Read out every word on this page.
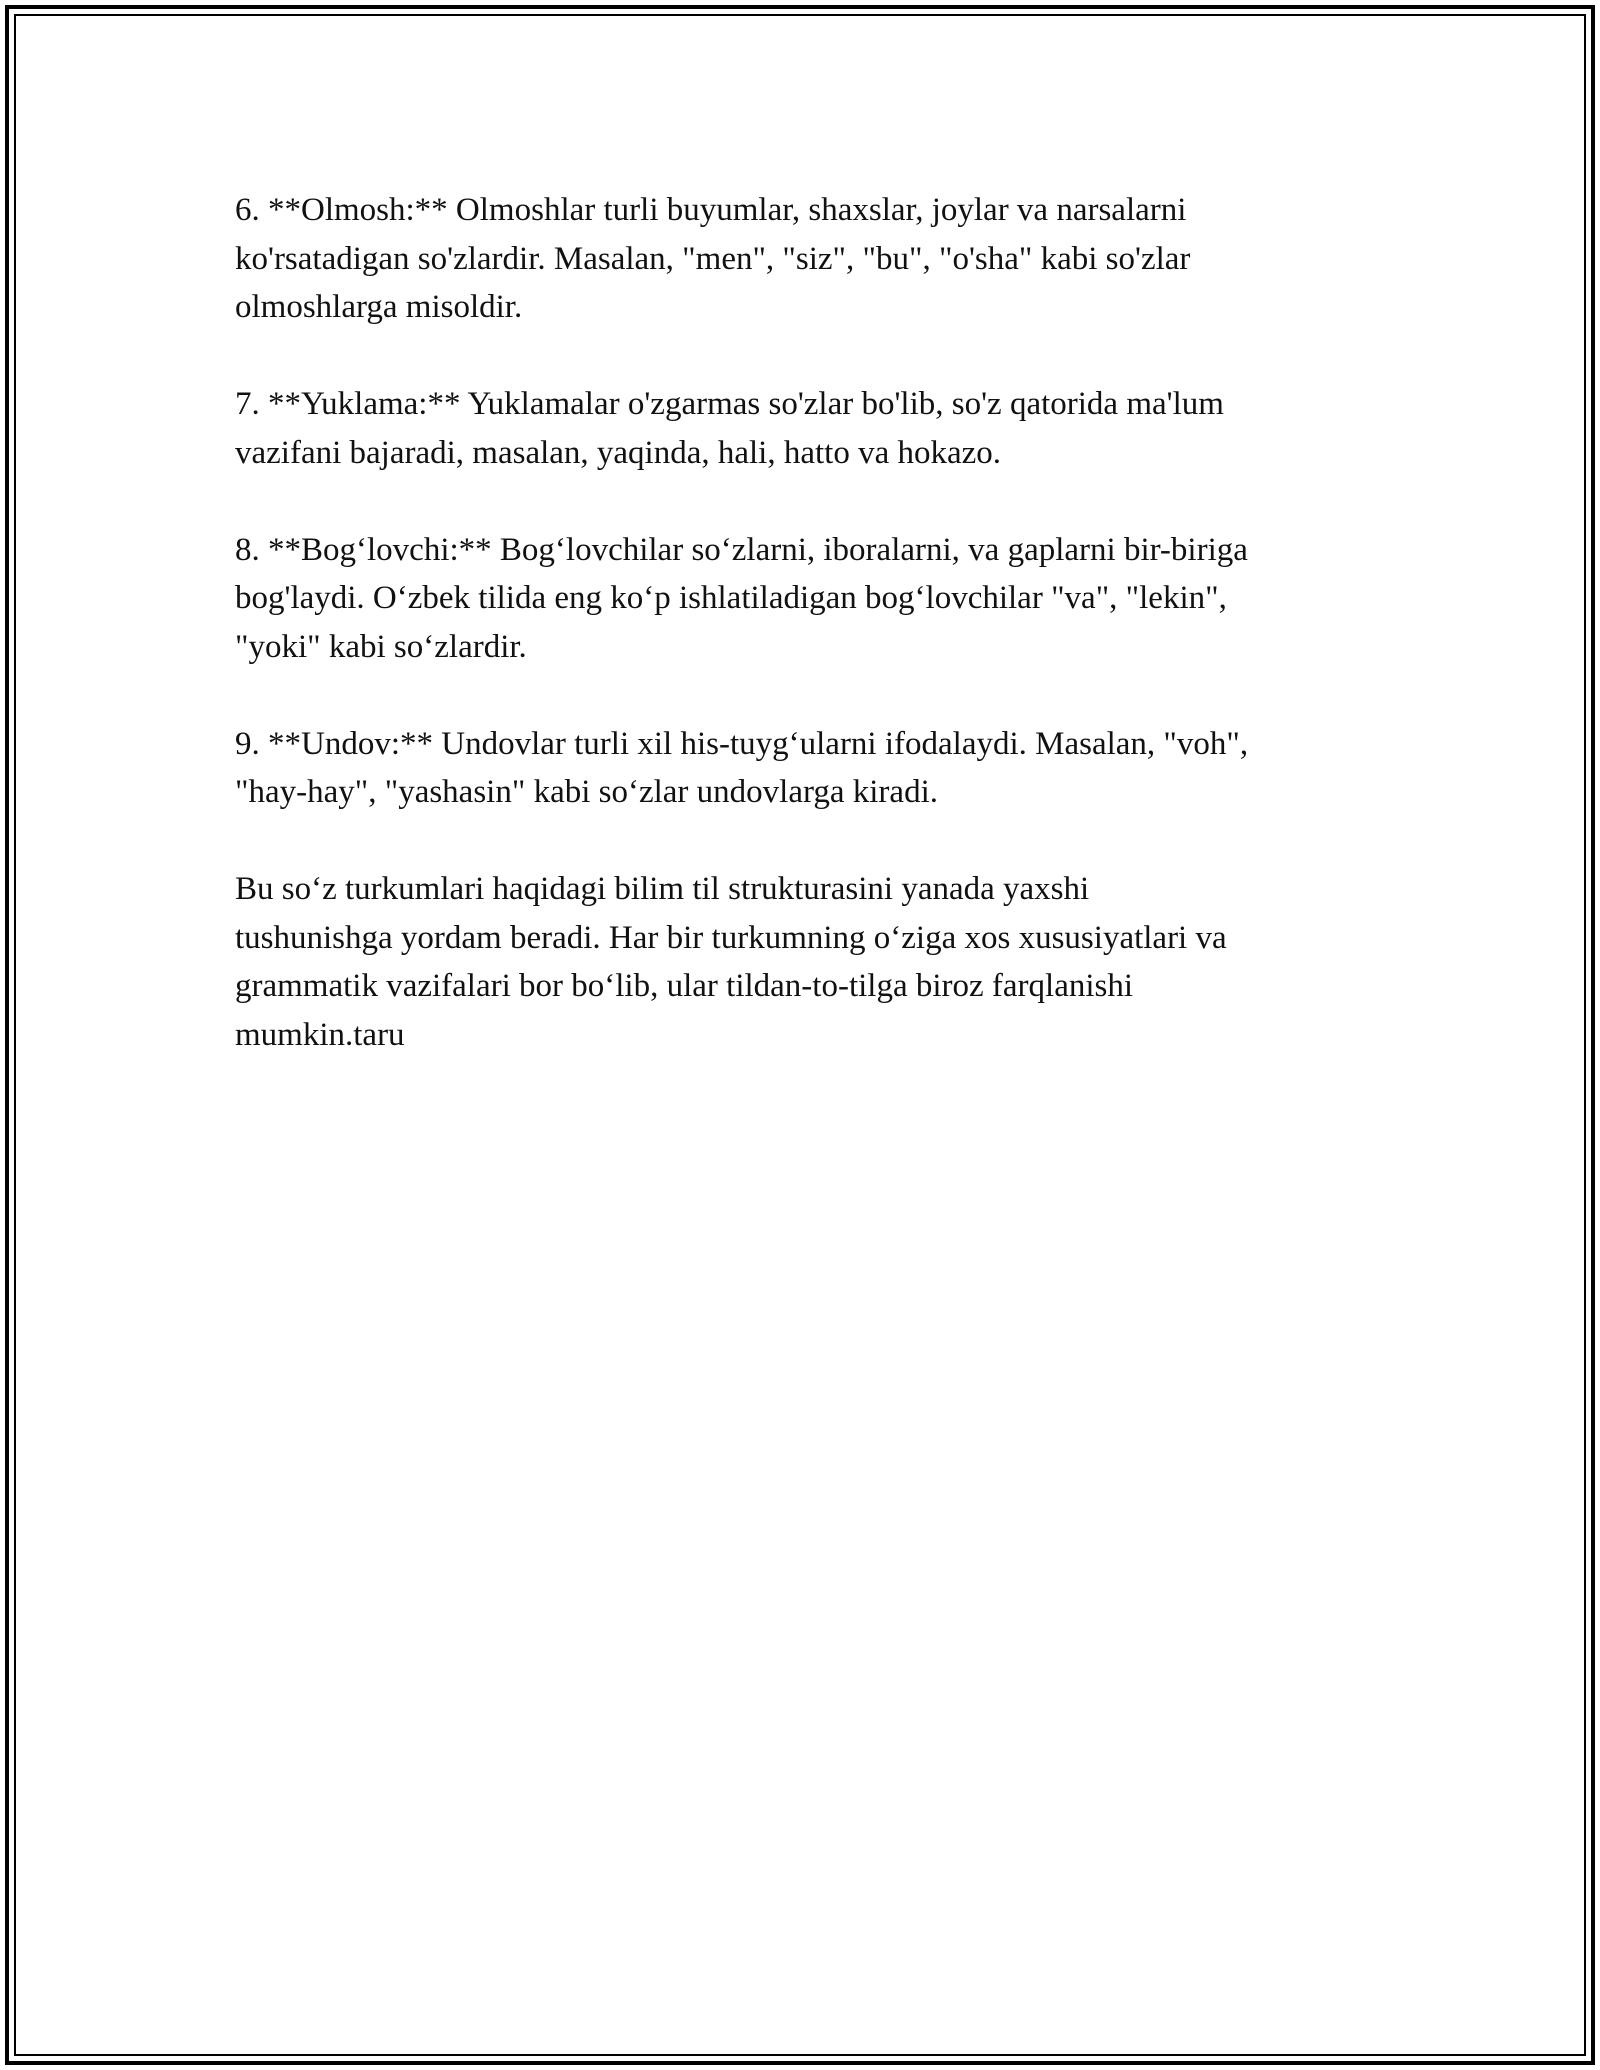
6. **Olmosh:** Olmoshlar turli buyumlar, shaxslar, joylar va narsalarni
ko'rsatadigan so'zlardir. Masalan, "men", "siz", "bu", "o'sha" kabi so'zlar
olmoshlarga misoldir.

7. **Yuklama:** Yuklamalar o'zgarmas so'zlar bo'lib, so'z qatorida ma'lum
vazifani bajaradi, masalan, yaqinda, hali, hatto va hokazo.

8. **Bog‘lovchi:** Bog‘lovchilar so‘zlarni, iboralarni, va gaplarni bir-biriga
bog'laydi. O‘zbek tilida eng ko‘p ishlatiladigan bog‘lovchilar "va", "lekin",
"yoki" kabi so‘zlardir.

9. **Undov:** Undovlar turli xil his-tuyg‘ularni ifodalaydi. Masalan, "voh",
"hay-hay", "yashasin" kabi so‘zlar undovlarga kiradi.

Bu so‘z turkumlari haqidagi bilim til strukturasini yanada yaxshi
tushunishga yordam beradi. Har bir turkumning o‘ziga xos xususiyatlari va
grammatik vazifalari bor bo‘lib, ular tildan-to-tilga biroz farqlanishi
mumkin.taru
